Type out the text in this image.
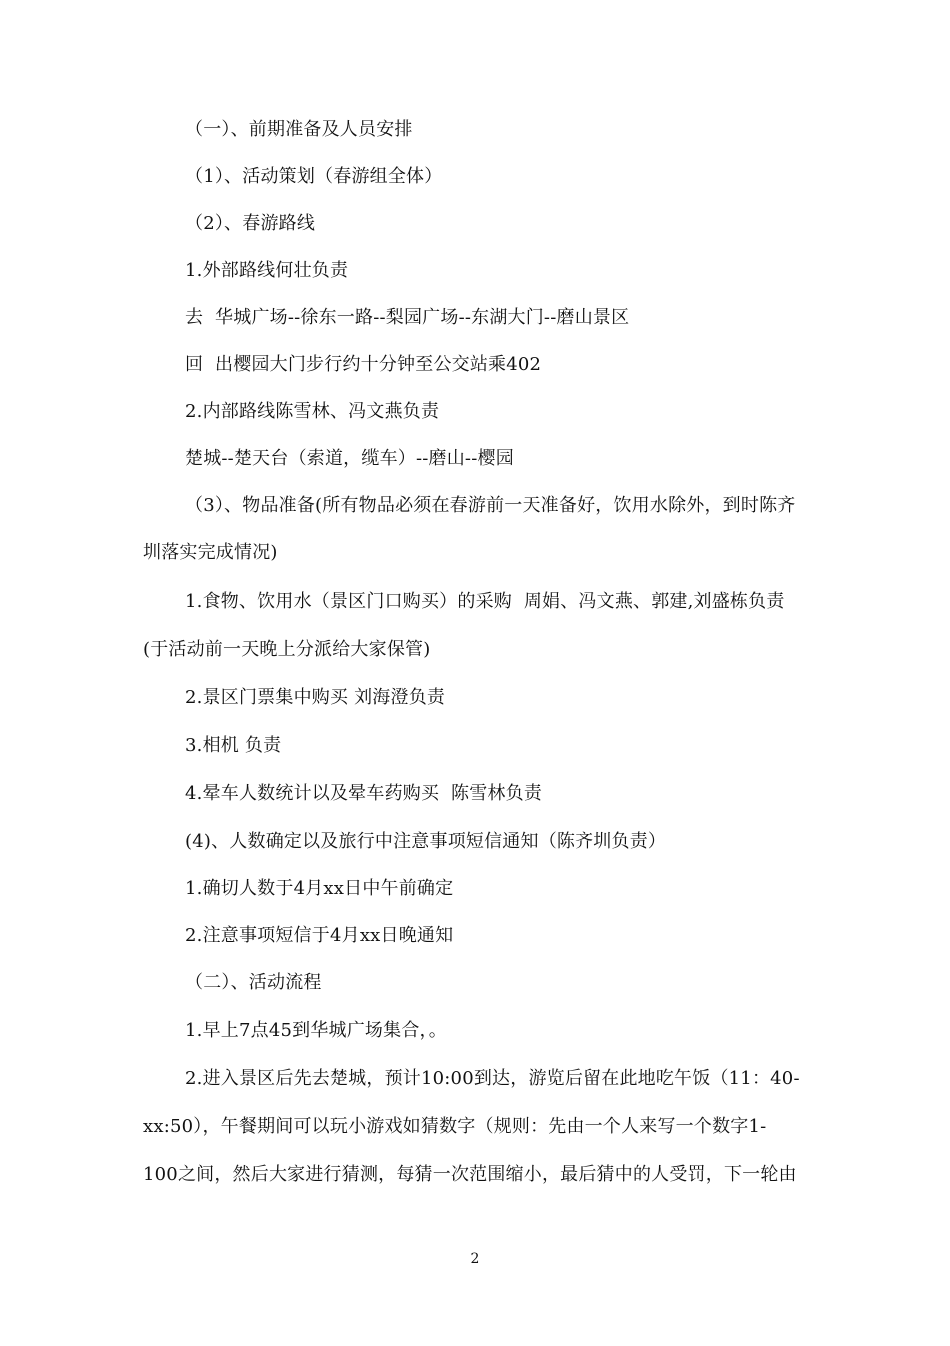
（一）、前期准备及人员安排
（1）、活动策划（春游组全体）
（2）、春游路线
1.外部路线何壮负责
去  华城广场--徐东一路--梨园广场--东湖大门--磨山景区
回  出樱园大门步行约十分钟至公交站乘402
2.内部路线陈雪林、冯文燕负责
楚城--楚天台（索道，缆车）--磨山--樱园
（3）、物品准备(所有物品必须在春游前一天准备好，饮用水除外，到时陈齐
圳落实完成情况)
1.食物、饮用水（景区门口购买）的采购  周娟、冯文燕、郭建,刘盛栋负责
(于活动前一天晚上分派给大家保管)
2.景区门票集中购买 刘海澄负责
3.相机 负责
4.晕车人数统计以及晕车药购买  陈雪林负责
(4)、人数确定以及旅行中注意事项短信通知（陈齐圳负责）
1.确切人数于4月xx日中午前确定
2.注意事项短信于4月xx日晚通知
（二）、活动流程
1.早上7点45到华城广场集合，。
2.进入景区后先去楚城，预计10:00到达，游览后留在此地吃午饭（11：40-
xx:50），午餐期间可以玩小游戏如猜数字（规则：先由一个人来写一个数字1-
100之间，然后大家进行猜测，每猜一次范围缩小，最后猜中的人受罚，下一轮由
2
